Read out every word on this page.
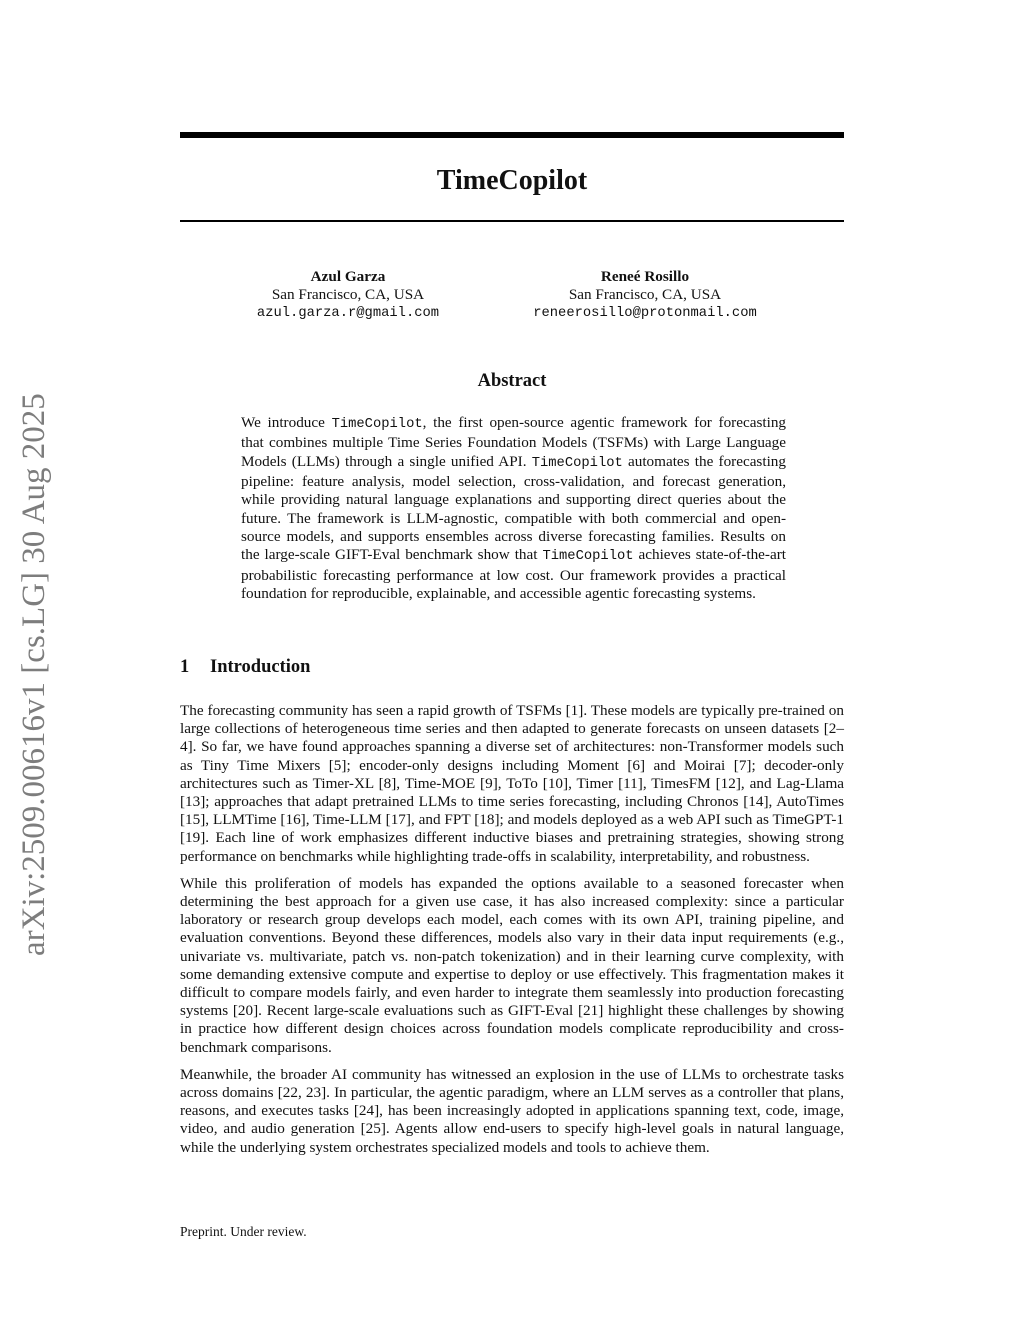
arXiv:2509.00616v1 [cs.LG] 30 Aug 2025
TimeCopilot
Azul Garza
San Francisco, CA, USA
azul.garza.r@gmail.com
Reneé Rosillo
San Francisco, CA, USA
reneerosillo@protonmail.com
Abstract
We introduce TimeCopilot, the first open-source agentic framework for forecasting that combines multiple Time Series Foundation Models (TSFMs) with Large Language Models (LLMs) through a single unified API. TimeCopilot automates the forecasting pipeline: feature analysis, model selection, cross-validation, and forecast generation, while providing natural language explanations and supporting direct queries about the future. The framework is LLM-agnostic, compatible with both commercial and open-source models, and supports ensembles across diverse forecasting families. Results on the large-scale GIFT-Eval benchmark show that TimeCopilot achieves state-of-the-art probabilistic forecasting performance at low cost. Our framework provides a practical foundation for reproducible, explainable, and accessible agentic forecasting systems.
1 Introduction

The forecasting community has seen a rapid growth of TSFMs [1]. These models are typically pre-trained on large collections of heterogeneous time series and then adapted to generate forecasts on unseen datasets [2–4]. So far, we have found approaches spanning a diverse set of architectures: non-Transformer models such as Tiny Time Mixers [5]; encoder-only designs including Moment [6] and Moirai [7]; decoder-only architectures such as Timer-XL [8], Time-MOE [9], ToTo [10], Timer [11], TimesFM [12], and Lag-Llama [13]; approaches that adapt pretrained LLMs to time series forecasting, including Chronos [14], AutoTimes [15], LLMTime [16], Time-LLM [17], and FPT [18]; and models deployed as a web API such as TimeGPT-1 [19]. Each line of work emphasizes different inductive biases and pretraining strategies, showing strong performance on benchmarks while highlighting trade-offs in scalability, interpretability, and robustness.

While this proliferation of models has expanded the options available to a seasoned forecaster when determining the best approach for a given use case, it has also increased complexity: since a particular laboratory or research group develops each model, each comes with its own API, training pipeline, and evaluation conventions. Beyond these differences, models also vary in their data input requirements (e.g., univariate vs. multivariate, patch vs. non-patch tokenization) and in their learning curve complexity, with some demanding extensive compute and expertise to deploy or use effectively. This fragmentation makes it difficult to compare models fairly, and even harder to integrate them seamlessly into production forecasting systems [20]. Recent large-scale evaluations such as GIFT-Eval [21] highlight these challenges by showing in practice how different design choices across foundation models complicate reproducibility and cross-benchmark comparisons.

Meanwhile, the broader AI community has witnessed an explosion in the use of LLMs to orchestrate tasks across domains [22, 23]. In particular, the agentic paradigm, where an LLM serves as a controller that plans, reasons, and executes tasks [24], has been increasingly adopted in applications spanning text, code, image, video, and audio generation [25]. Agents allow end-users to specify high-level goals in natural language, while the underlying system orchestrates specialized models and tools to achieve them.

Preprint. Under review.
